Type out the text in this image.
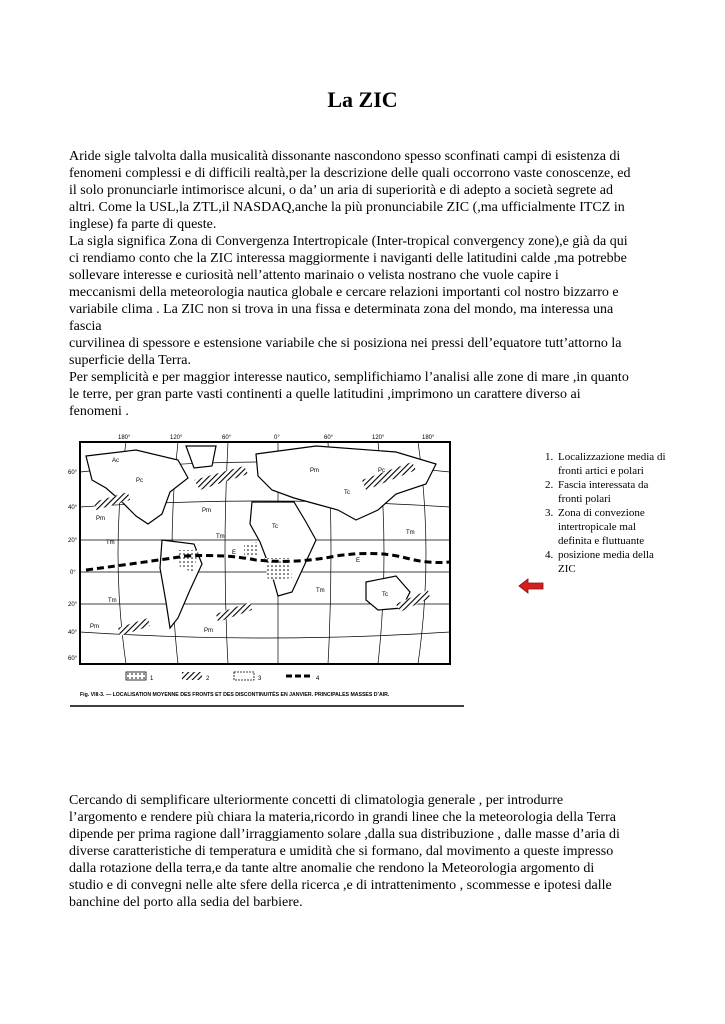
La ZIC
Aride sigle talvolta dalla musicalità dissonante nascondono spesso sconfinati campi di esistenza di
fenomeni complessi e di difficili realtà,per la descrizione delle quali occorrono vaste conoscenze, ed
il solo pronunciarle intimorisce alcuni, o da’ un aria di superiorità e di adepto a società segrete ad
altri. Come la USL,la ZTL,il NASDAQ,anche la più pronunciabile ZIC (,ma ufficialmente ITCZ in
inglese) fa parte di queste.
La sigla significa Zona di Convergenza Intertropicale (Inter-tropical convergency zone),e già da qui
ci rendiamo conto che la ZIC interessa maggiormente i naviganti delle latitudini calde ,ma potrebbe
sollevare interesse e curiosità nell’attento marinaio o velista nostrano che vuole capire i
meccanismi della meteorologia nautica globale e cercare relazioni importanti col nostro bizzarro e
variabile clima . La ZIC non si trova in una fissa e determinata zona del mondo, ma interessa una
fascia
curvilinea di spessore e estensione variabile che si posiziona nei pressi dell’equatore tutt’attorno la
superficie della Terra.
Per semplicità e per maggior interesse nautico, semplifichiamo l’analisi alle zone di mare ,in quanto
le terre, per gran parte vasti continenti a quelle latitudini ,imprimono un carattere diverso ai
fenomeni .
60°
40°
20°
0°
20°
40°
60°
180°	120°	60°	0°	60°	120°	180°
Ac
Pc
Pm
Tm
Tc
E
Tm
Tc
Pm	Pc
Tm
Pm
Tm
Pm
Tc
E
Tm
Pm
1	2	3	4
Fig. VIII-3. — LOCALISATION MOYENNE DES FRONTS ET DES DISCONTINUITÉS EN JANVIER. PRINCIPALES MASSES D’AIR.
1. Localizzazione media di fronti artici e polari
2. Fascia interessata da fronti polari
3. Zona di convezione intertropicale mal definita e fluttuante
4. posizione media della ZIC
Cercando di semplificare ulteriormente concetti di climatologia generale , per introdurre
l’argomento e rendere più chiara la materia,ricordo in grandi linee che la meteorologia della Terra
dipende per prima ragione dall’irraggiamento solare ,dalla sua distribuzione , dalle masse d’aria di
diverse caratteristiche di temperatura e umidità che si formano, dal movimento a queste impresso
dalla rotazione della terra,e da tante altre anomalie che rendono la Meteorologia argomento di
studio e di convegni nelle alte sfere della ricerca ,e di intrattenimento , scommesse e ipotesi dalle
banchine del porto alla sedia del barbiere.
